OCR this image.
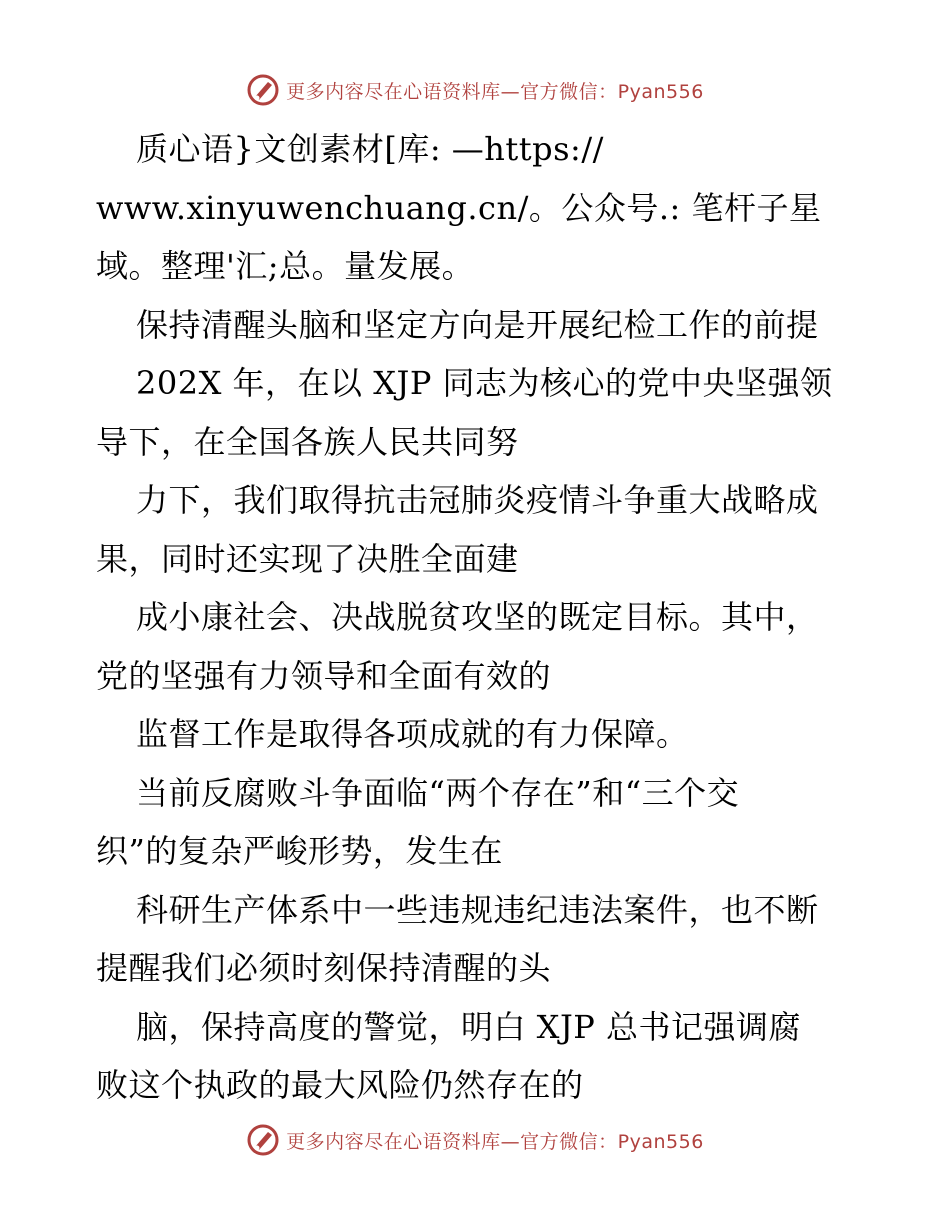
更多内容尽在心语资料库—官方微信：Pyan556
质心语}文创素材[库: —https://
www.xinyuwenchuang.cn/。公众号.: 笔杆子星
域。整理'汇;总。量发展。
保持清醒头脑和坚定方向是开展纪检工作的前提
202X 年，在以 XJP 同志为核心的党中央坚强领
导下，在全国各族人民共同努
力下，我们取得抗击冠肺炎疫情斗争重大战略成
果，同时还实现了决胜全面建
成小康社会、决战脱贫攻坚的既定目标。其中，
党的坚强有力领导和全面有效的
监督工作是取得各项成就的有力保障。
当前反腐败斗争面临“两个存在”和“三个交
织”的复杂严峻形势，发生在
科研生产体系中一些违规违纪违法案件，也不断
提醒我们必须时刻保持清醒的头
脑，保持高度的警觉，明白 XJP 总书记强调腐
败这个执政的最大风险仍然存在的
更多内容尽在心语资料库—官方微信：Pyan556
